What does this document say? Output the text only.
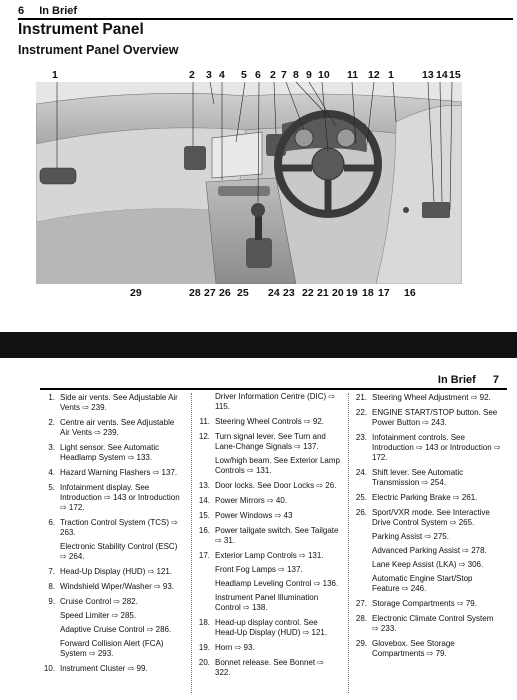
6 In Brief
Instrument Panel
Instrument Panel Overview
1	2 3 4 5 6 2 7 8 9 10 11 12 1	13 14 15
29	28 27 26 25 24 23 22 21 20 19 18 17 16
In Brief 7
1. Side air vents. See Adjustable Air Vents ⇨ 239.
2. Centre air vents. See Adjustable Air Vents ⇨ 239.
3. Light sensor. See Automatic Headlamp System ⇨ 133.
4. Hazard Warning Flashers ⇨ 137.
5. Infotainment display. See Introduction ⇨ 143 or Introduction ⇨ 172.
6. Traction Control System (TCS) ⇨ 263.
Electronic Stability Control (ESC) ⇨ 264.
7. Head-Up Display (HUD) ⇨ 121.
8. Windshield Wiper/Washer ⇨ 93.
9. Cruise Control ⇨ 282.
Speed Limiter ⇨ 285.
Adaptive Cruise Control ⇨ 286.
Forward Collision Alert (FCA) System ⇨ 293.
10. Instrument Cluster ⇨ 99.
Driver Information Centre (DIC) ⇨ 115.
11. Steering Wheel Controls ⇨ 92.
12. Turn signal lever. See Turn and Lane-Change Signals ⇨ 137.
Low/high beam. See Exterior Lamp Controls ⇨ 131.
13. Door locks. See Door Locks ⇨ 26.
14. Power Mirrors ⇨ 40.
15. Power Windows ⇨ 43
16. Power tailgate switch. See Tailgate ⇨ 31.
17. Exterior Lamp Controls ⇨ 131.
Front Fog Lamps ⇨ 137.
Headlamp Leveling Control ⇨ 136.
Instrument Panel Illumination Control ⇨ 138.
18. Head-up display control. See Head-Up Display (HUD) ⇨ 121.
19. Horn ⇨ 93.
20. Bonnet release. See Bonnet ⇨ 322.
21. Steering Wheel Adjustment ⇨ 92.
22. ENGINE START/STOP button. See Power Button ⇨ 243.
23. Infotainment controls. See Introduction ⇨ 143 or Introduction ⇨ 172.
24. Shift lever. See Automatic Transmission ⇨ 254.
25. Electric Parking Brake ⇨ 261.
26. Sport/VXR mode. See Interactive Drive Control System ⇨ 265.
Parking Assist ⇨ 275.
Advanced Parking Assist ⇨ 278.
Lane Keep Assist (LKA) ⇨ 306.
Automatic Engine Start/Stop Feature ⇨ 246.
27. Storage Compartments ⇨ 79.
28. Electronic Climate Control System ⇨ 233.
29. Glovebox. See Storage Compartments ⇨ 79.
